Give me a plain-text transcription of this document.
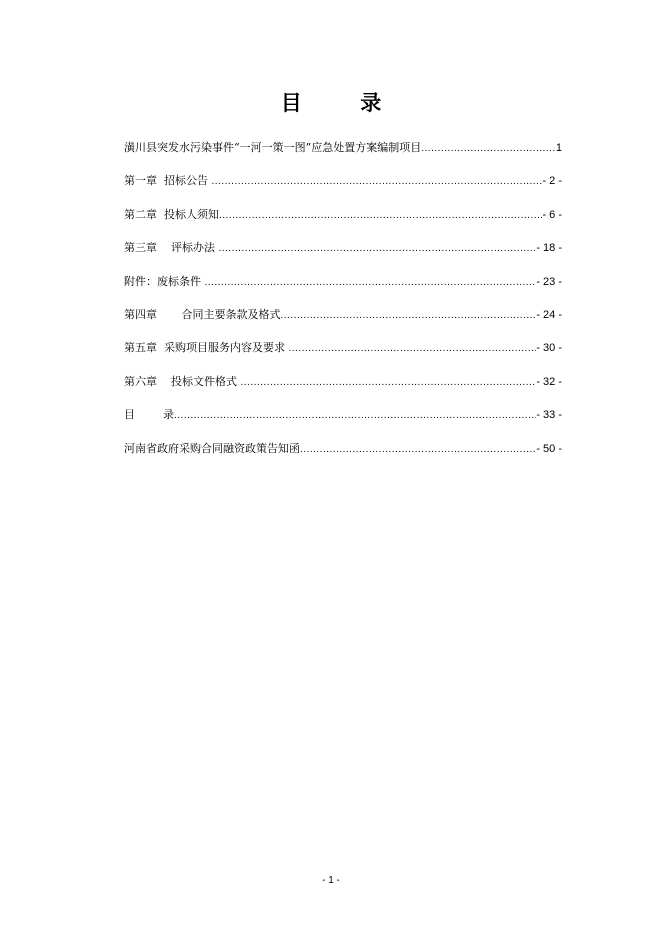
目        录
潢川县突发水污染事件“一河一策一图”应急处置方案编制项目 .....	1
第一章  招标公告 .....	- 2 -
第二章  投标人须知 .....	- 6 -
第三章    评标办法 .....	- 18 -
附件：废标条件 .....	- 23 -
第四章       合同主要条款及格式 .....	- 24 -
第五章  采购项目服务内容及要求 .....	- 30 -
第六章    投标文件格式 .....	- 32 -
目        录 .....	- 33 -
河南省政府采购合同融资政策告知函 .....	- 50 -
- 1 -
